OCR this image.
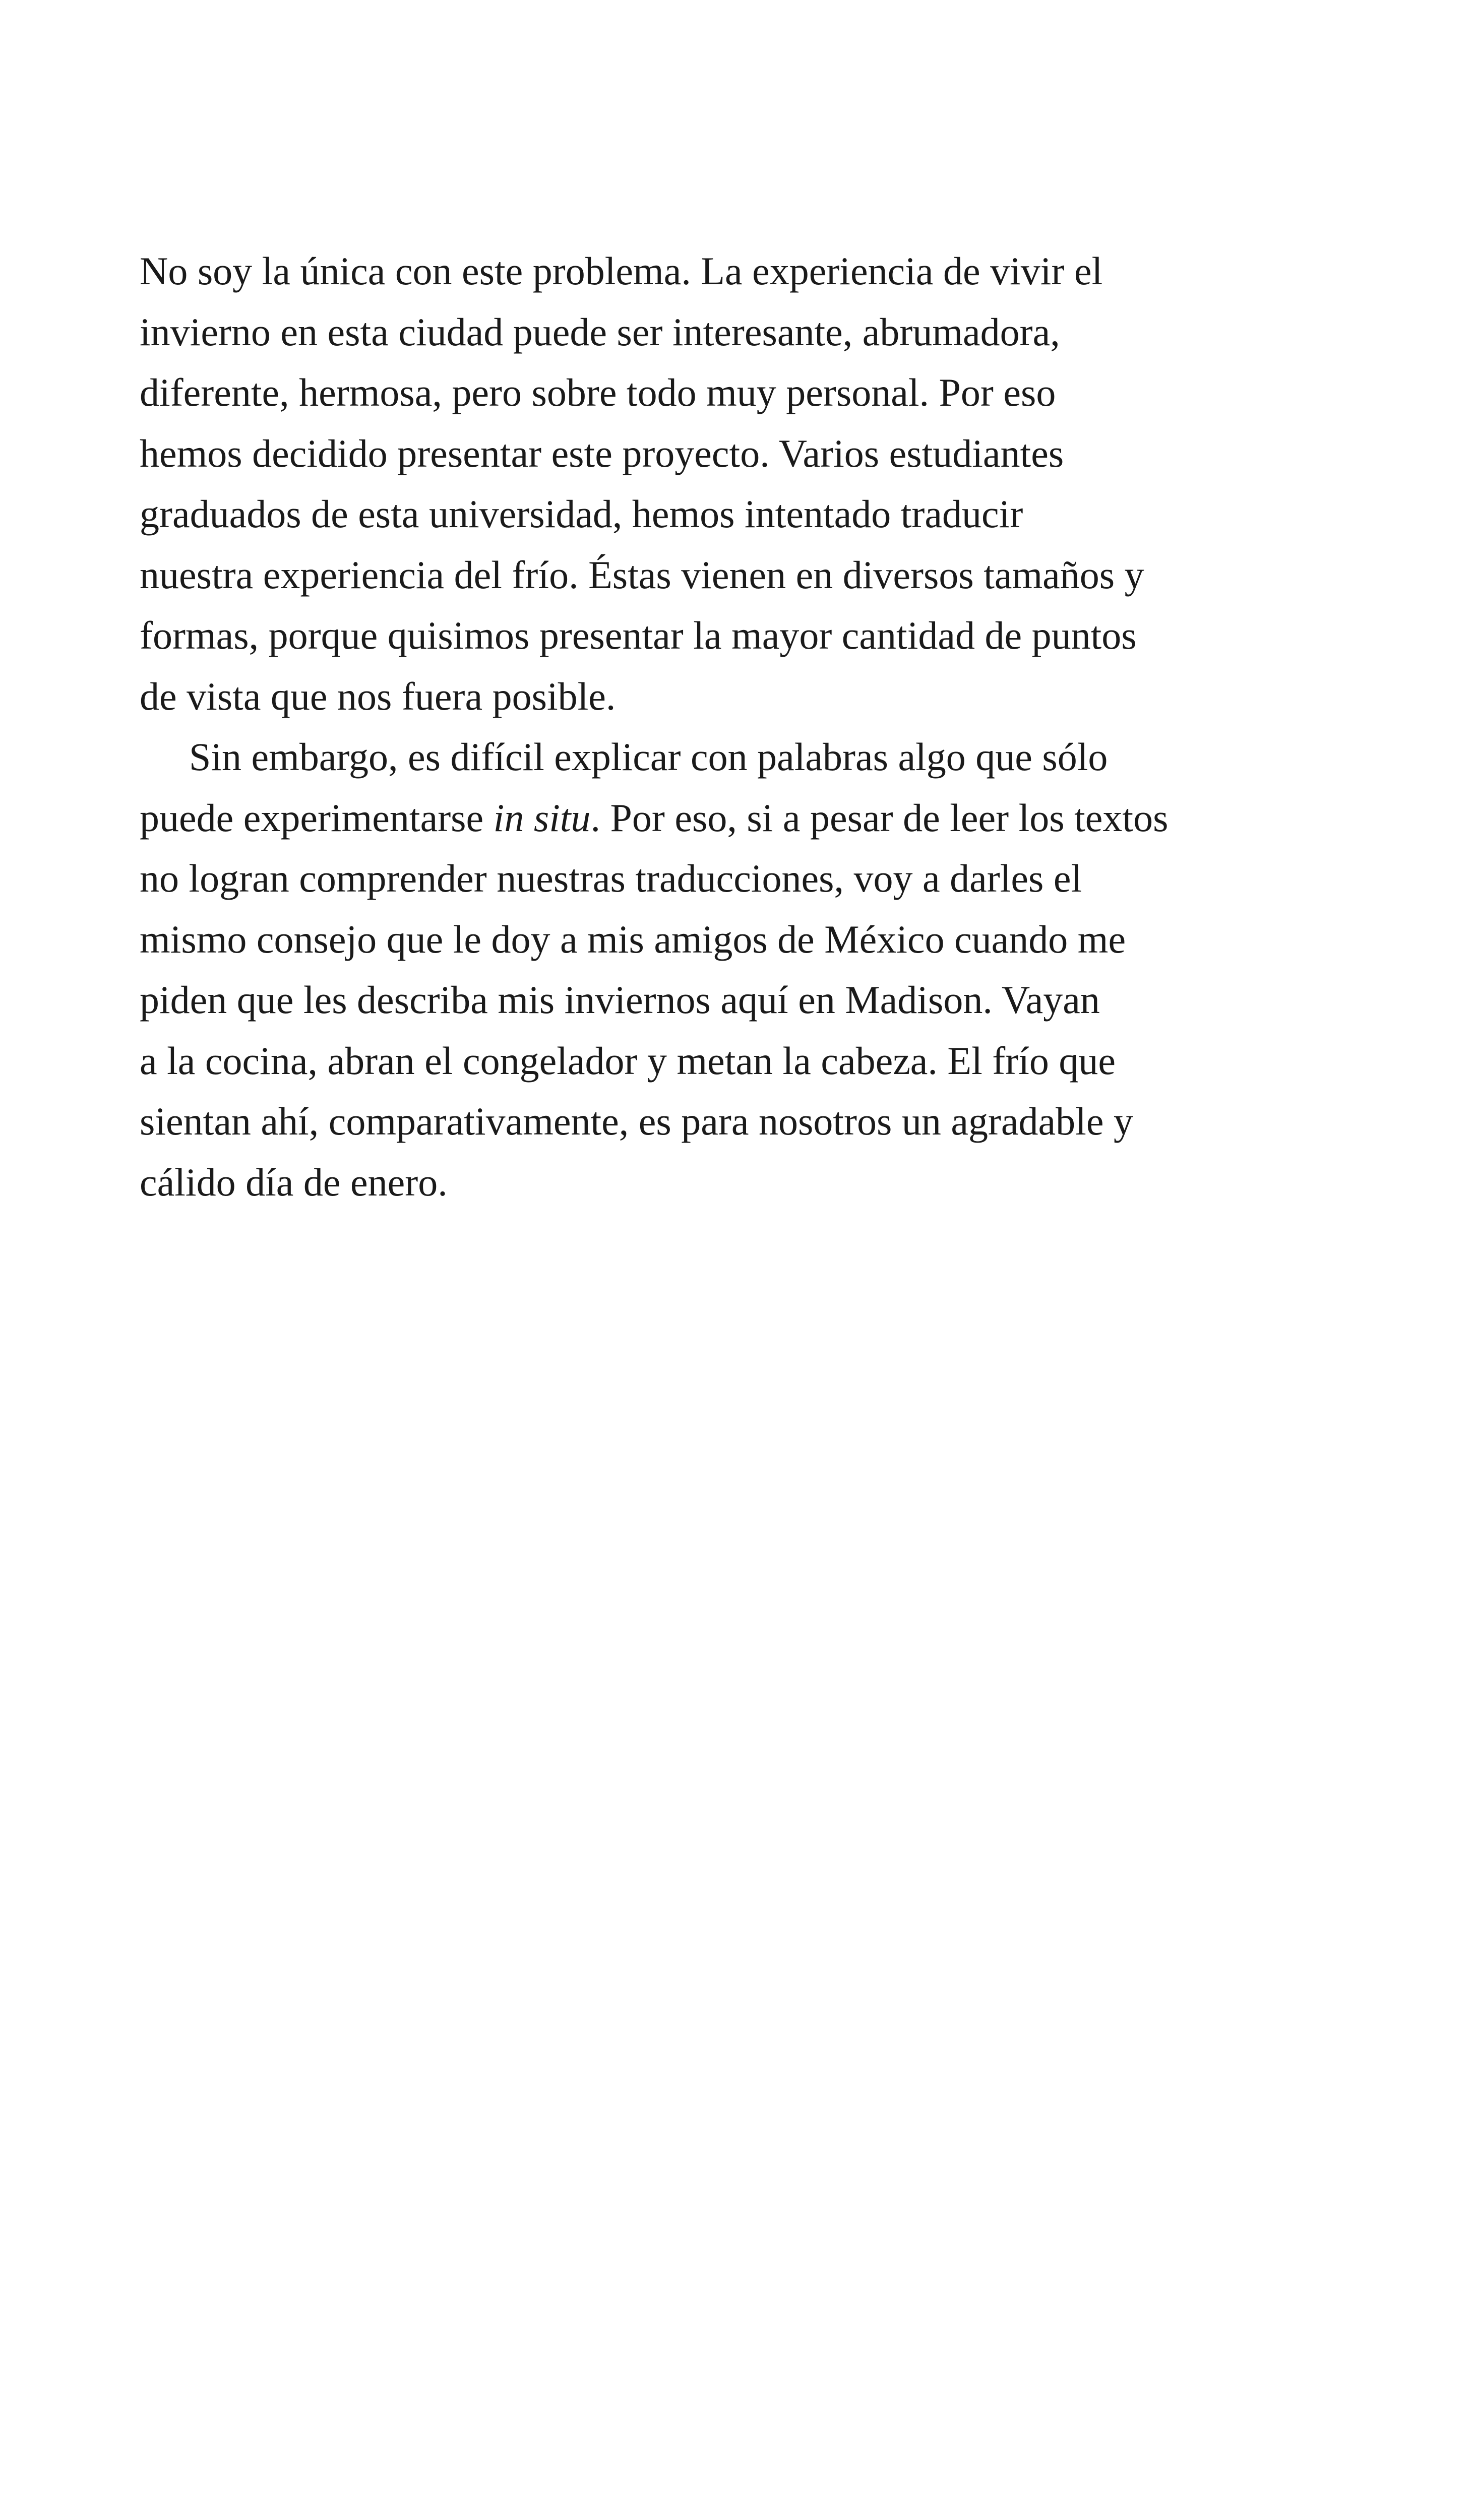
No soy la única con este problema. La experiencia de vivir el
invierno en esta ciudad puede ser interesante, abrumadora,
diferente, hermosa, pero sobre todo muy personal. Por eso
hemos decidido presentar este proyecto. Varios estudiantes
graduados de esta universidad, hemos intentado traducir
nuestra experiencia del frío. Éstas vienen en diversos tamaños y
formas, porque quisimos presentar la mayor cantidad de puntos
de vista que nos fuera posible.
Sin embargo, es difícil explicar con palabras algo que sólo
puede experimentarse in situ. Por eso, si a pesar de leer los textos
no logran comprender nuestras traducciones, voy a darles el
mismo consejo que le doy a mis amigos de México cuando me
piden que les describa mis inviernos aquí en Madison. Vayan
a la cocina, abran el congelador y metan la cabeza. El frío que
sientan ahí, comparativamente, es para nosotros un agradable y
cálido día de enero.
